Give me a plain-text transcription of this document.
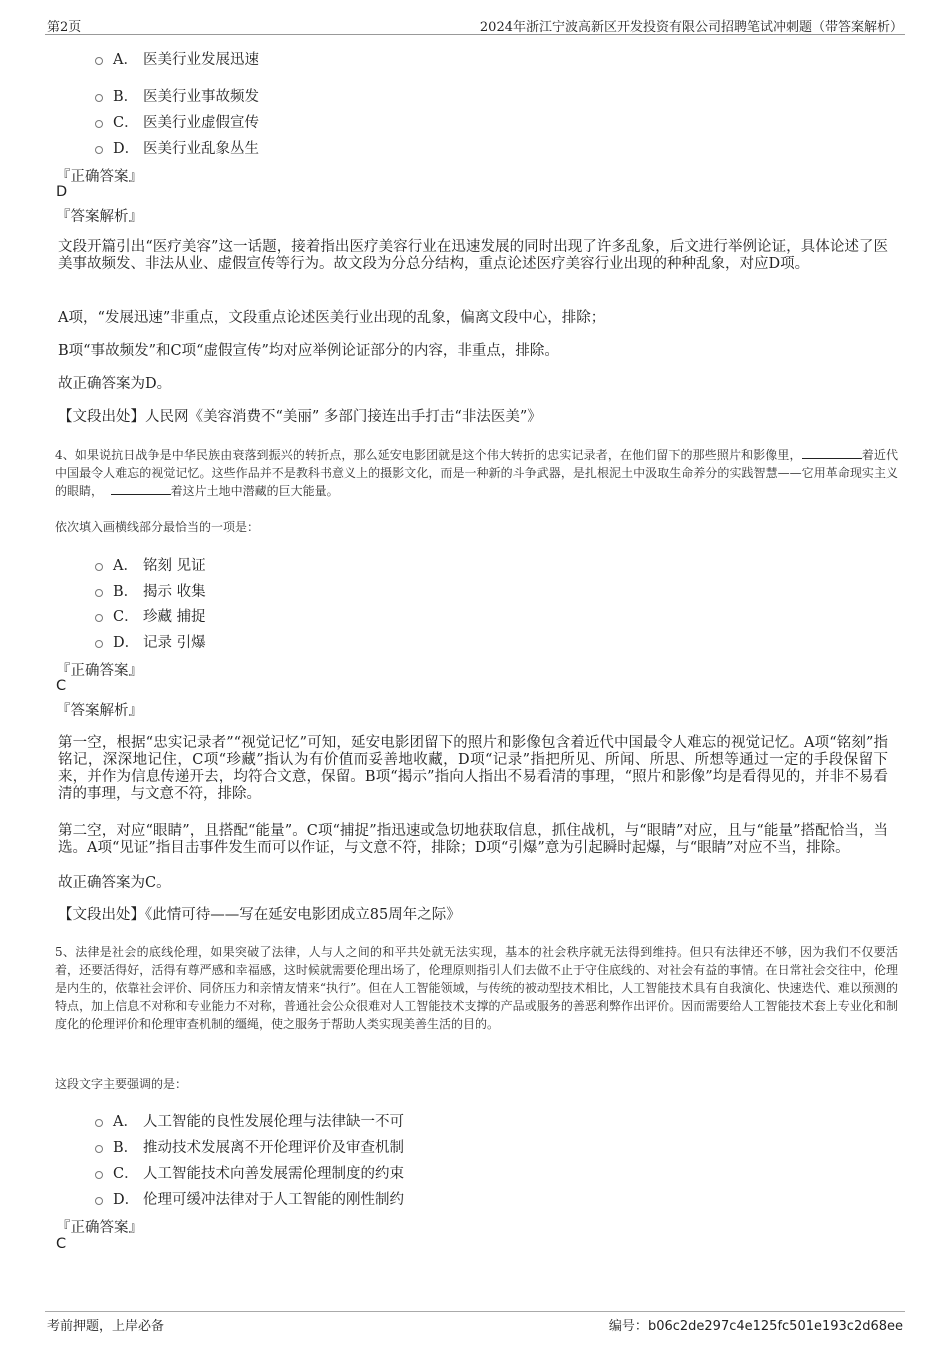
第2页	2024年浙江宁波高新区开发投资有限公司招聘笔试冲刺题（带答案解析）
A． 医美行业发展迅速
B． 医美行业事故频发
C． 医美行业虚假宣传
D． 医美行业乱象丛生
『正确答案』
D
『答案解析』

文段开篇引出“医疗美容”这一话题，接着指出医疗美容行业在迅速发展的同时出现了许多乱象，后文进行举例论证，具体论述了医美事故频发、非法从业、虚假宣传等行为。故文段为分总分结构，重点论述医疗美容行业出现的种种乱象，对应D项。

A项，“发展迅速”非重点，文段重点论述医美行业出现的乱象，偏离文段中心，排除；

B项“事故频发”和C项“虚假宣传”均对应举例论证部分的内容，非重点，排除。

故正确答案为D。

【文段出处】人民网《美容消费不“美丽” 多部门接连出手打击“非法医美”》

4、如果说抗日战争是中华民族由衰落到振兴的转折点，那么延安电影团就是这个伟大转折的忠实记录者，在他们留下的那些照片和影像里，	着近代中国最令人难忘的视觉记忆。这些作品并不是教科书意义上的摄影文化，而是一种新的斗争武器，是扎根泥土中汲取生命养分的实践智慧——它用革命现实主义的眼睛，	着这片土地中潜藏的巨大能量。

依次填入画横线部分最恰当的一项是：
A． 铭刻 见证
B． 揭示 收集
C． 珍藏 捕捉
D． 记录 引爆
『正确答案』
C
『答案解析』

第一空，根据“忠实记录者”“视觉记忆”可知，延安电影团留下的照片和影像包含着近代中国最令人难忘的视觉记忆。A项“铭刻”指铭记，深深地记住，C项“珍藏”指认为有价值而妥善地收藏，D项“记录”指把所见、所闻、所思、所想等通过一定的手段保留下来，并作为信息传递开去，均符合文意，保留。B项“揭示”指向人指出不易看清的事理，“照片和影像”均是看得见的，并非不易看清的事理，与文意不符，排除。

第二空，对应“眼睛”，且搭配“能量”。C项“捕捉”指迅速或急切地获取信息，抓住战机，与“眼睛”对应，且与“能量”搭配恰当，当选。A项“见证”指目击事件发生而可以作证，与文意不符，排除；D项“引爆”意为引起瞬时起爆，与“眼睛”对应不当，排除。

故正确答案为C。

【文段出处】《此情可待——写在延安电影团成立85周年之际》

5、法律是社会的底线伦理，如果突破了法律，人与人之间的和平共处就无法实现，基本的社会秩序就无法得到维持。但只有法律还不够，因为我们不仅要活着，还要活得好，活得有尊严感和幸福感，这时候就需要伦理出场了，伦理原则指引人们去做不止于守住底线的、对社会有益的事情。在日常社会交往中，伦理是内生的，依靠社会评价、同侪压力和亲情友情来“执行”。但在人工智能领域，与传统的被动型技术相比，人工智能技术具有自我演化、快速迭代、难以预测的特点，加上信息不对称和专业能力不对称，普通社会公众很难对人工智能技术支撑的产品或服务的善恶利弊作出评价。因而需要给人工智能技术套上专业化和制度化的伦理评价和伦理审查机制的缰绳，使之服务于帮助人类实现美善生活的目的。

这段文字主要强调的是：
A． 人工智能的良性发展伦理与法律缺一不可
B． 推动技术发展离不开伦理评价及审查机制
C． 人工智能技术向善发展需伦理制度的约束
D． 伦理可缓冲法律对于人工智能的刚性制约
『正确答案』
C
考前押题，上岸必备	编号：b06c2de297c4e125fc501e193c2d68ee
